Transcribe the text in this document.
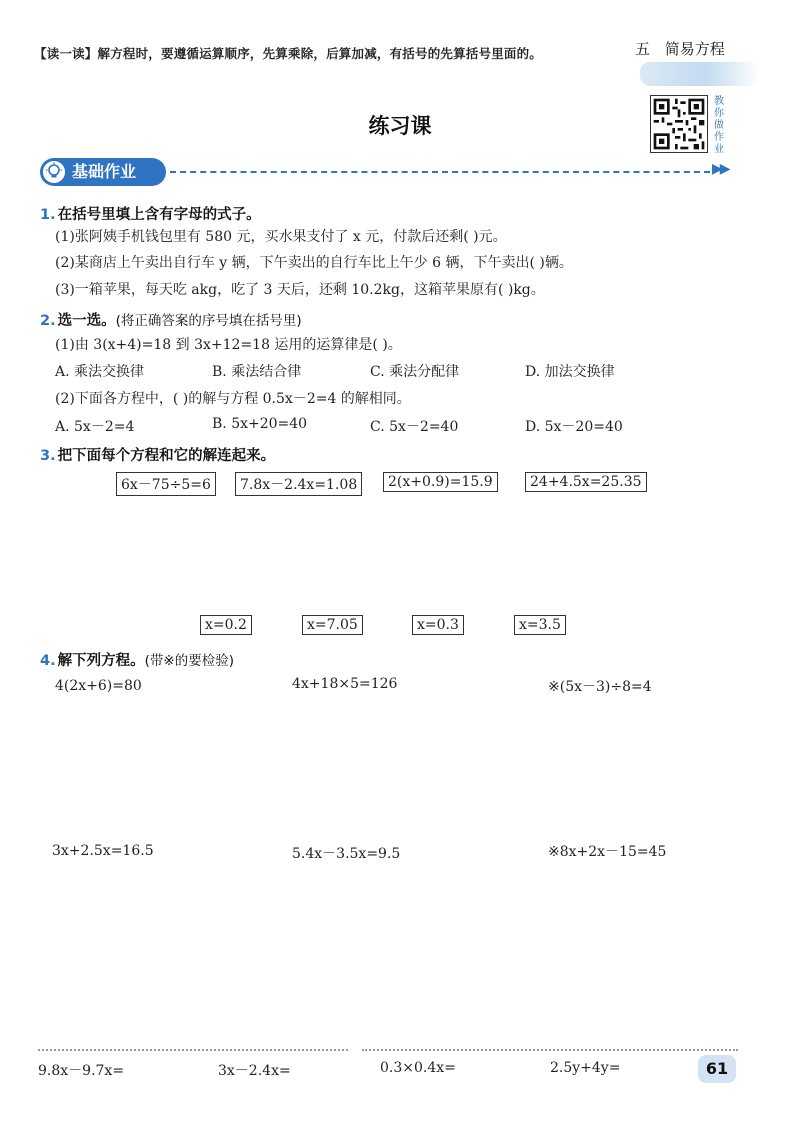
【读一读】解方程时，要遵循运算顺序，先算乘除，后算加减，有括号的先算括号里面的。	五 简易方程
练习课
教
你
做
作
业
基础作业	▶▶
1. 在括号里填上含有字母的式子。
(1)张阿姨手机钱包里有 580 元，买水果支付了 x 元，付款后还剩( )元。
(2)某商店上午卖出自行车 y 辆，下午卖出的自行车比上午少 6 辆，下午卖出( )辆。
(3)一箱苹果，每天吃 akg，吃了 3 天后，还剩 10.2kg，这箱苹果原有( )kg。
2. 选一选。(将正确答案的序号填在括号里)
(1)由 3(x+4)=18 到 3x+12=18 运用的运算律是( )。
A. 乘法交换律	B. 乘法结合律	C. 乘法分配律	D. 加法交换律
(2)下面各方程中，( )的解与方程 0.5x－2=4 的解相同。
A. 5x－2=4	B. 5x+20=40	C. 5x－2=40	D. 5x－20=40
3. 把下面每个方程和它的解连起来。
6x－75÷5=6	7.8x－2.4x=1.08	2(x+0.9)=15.9	24+4.5x=25.35
x=0.2	x=7.05	x=0.3	x=3.5
4. 解下列方程。(带※的要检验)
4(2x+6)=80	4x+18×5=126	※(5x－3)÷8=4
3x+2.5x=16.5	5.4x－3.5x=9.5	※8x+2x－15=45
9.8x－9.7x=	3x－2.4x=	0.3×0.4x=	2.5y+4y=	61
